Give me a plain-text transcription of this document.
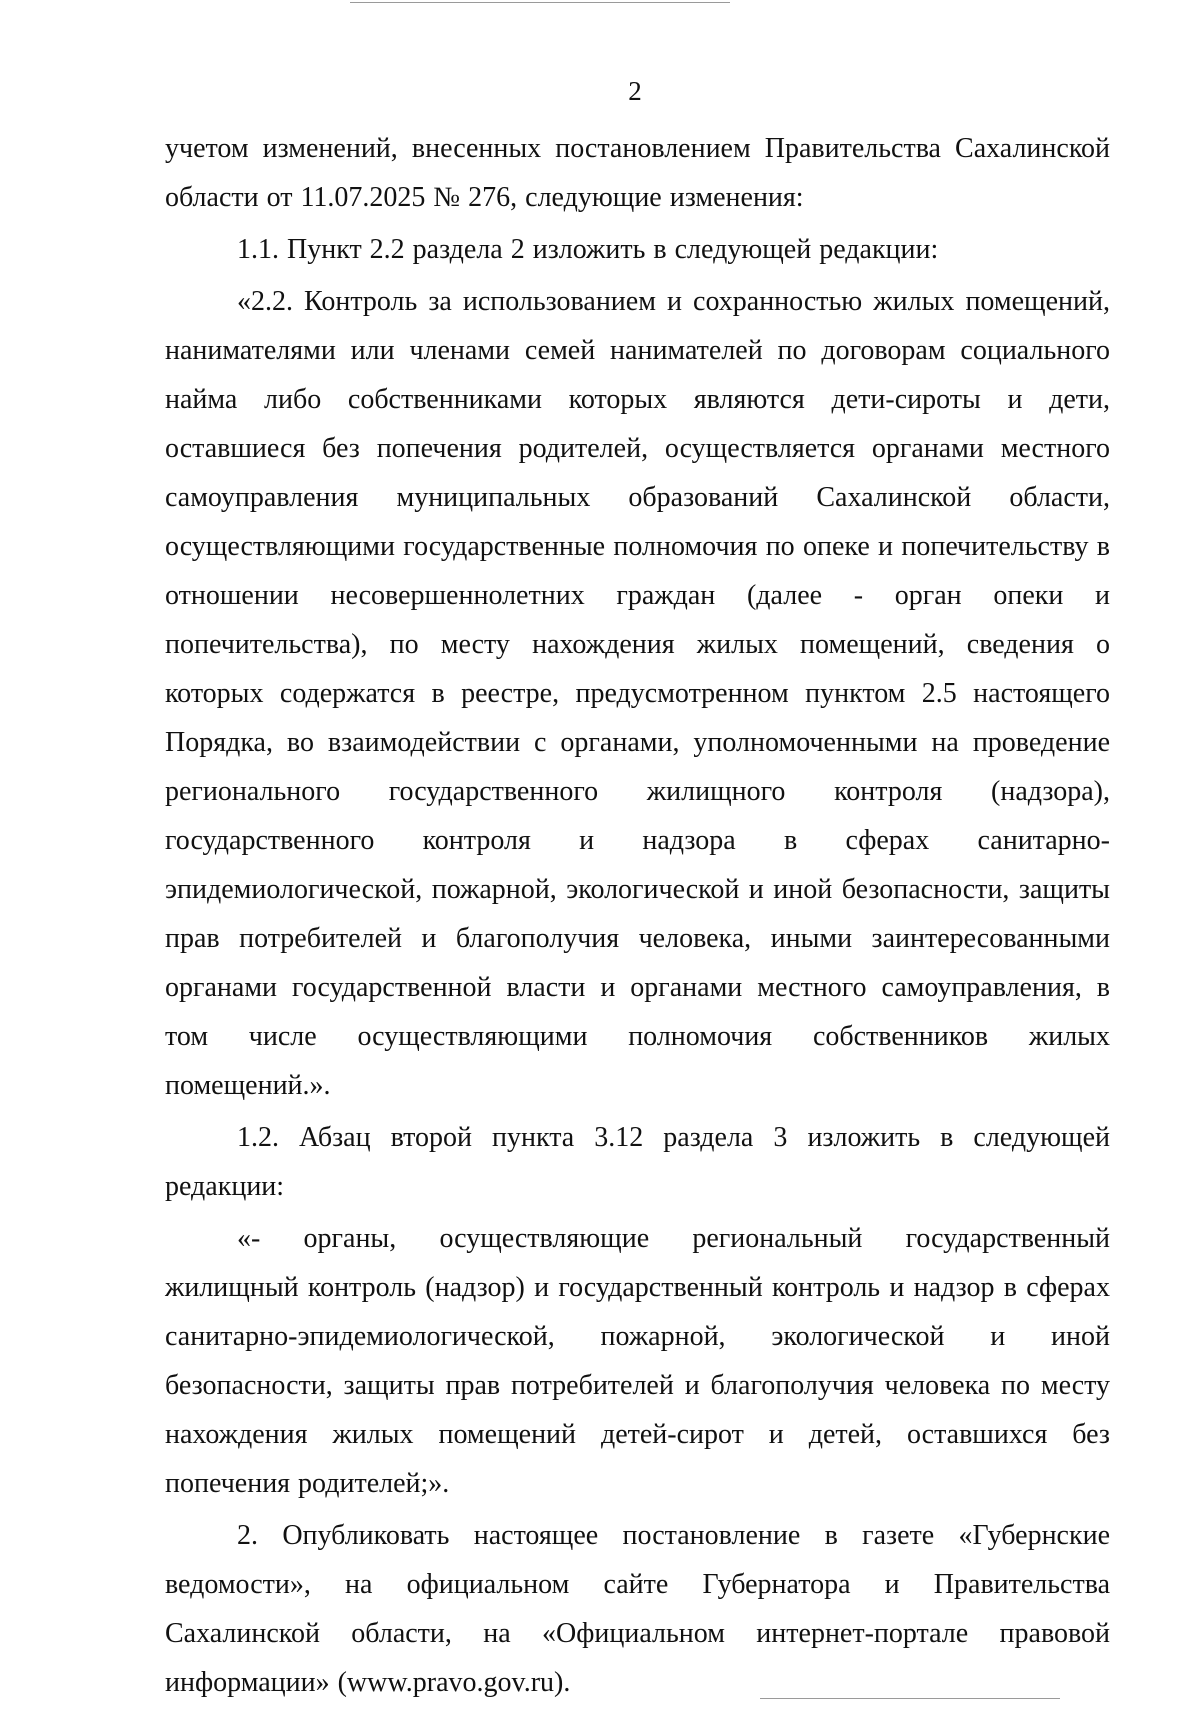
2

учетом изменений, внесенных постановлением Правительства Сахалинской области от 11.07.2025 № 276, следующие изменения:

1.1. Пункт 2.2 раздела 2 изложить в следующей редакции:

«2.2. Контроль за использованием и сохранностью жилых помещений, нанимателями или членами семей нанимателей по договорам социального найма либо собственниками которых являются дети-сироты и дети, оставшиеся без попечения родителей, осуществляется органами местного самоуправления муниципальных образований Сахалинской области, осуществляющими государственные полномочия по опеке и попечительству в отношении несовершеннолетних граждан (далее - орган опеки и попечительства), по месту нахождения жилых помещений, сведения о которых содержатся в реестре, предусмотренном пунктом 2.5 настоящего Порядка, во взаимодействии с органами, уполномоченными на проведение регионального государственного жилищного контроля (надзора), государственного контроля и надзора в сферах санитарно-эпидемиологической, пожарной, экологической и иной безопасности, защиты прав потребителей и благополучия человека, иными заинтересованными органами государственной власти и органами местного самоуправления, в том числе осуществляющими полномочия собственников жилых помещений.».

1.2. Абзац второй пункта 3.12 раздела 3 изложить в следующей редакции:

«- органы, осуществляющие региональный государственный жилищный контроль (надзор) и государственный контроль и надзор в сферах санитарно-эпидемиологической, пожарной, экологической и иной безопасности, защиты прав потребителей и благополучия человека по месту нахождения жилых помещений детей-сирот и детей, оставшихся без попечения родителей;».

2. Опубликовать настоящее постановление в газете «Губернские ведомости», на официальном сайте Губернатора и Правительства Сахалинской области, на «Официальном интернет-портале правовой информации» (www.pravo.gov.ru).
